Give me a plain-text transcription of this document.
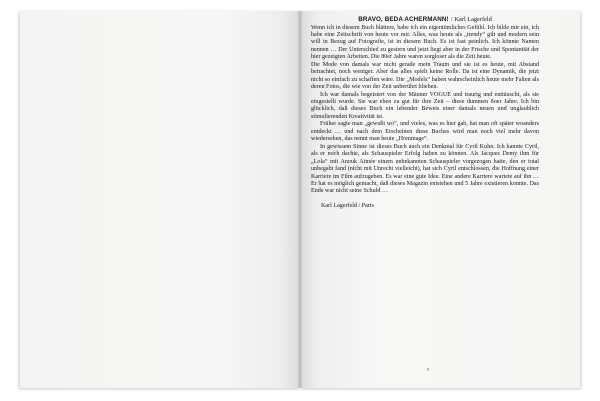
BRAVO, BEDA ACHERMANN! / Karl Lagerfeld

Wenn ich in diesem Buch blättere, habe ich ein eigentümliches Gefühl. Ich bilde mir ein, ich habe eine Zeitschrift von heute vor mir. Alles, was heute als „trendy“ gilt und modern sein will in Bezug auf Fotografie, ist in diesem Buch. Es ist fast peinlich. Ich könnte Namen nennen … Der Unterschied zu gestern und jetzt liegt aber in der Frische und Spontanität der hier gezeigten Arbeiten. Die 80er Jahre waren sorgloser als die Zeit heute.

Die Mode von damals war nicht gerade mein Traum und sie ist es heute, mit Abstand betrachtet, noch weniger. Aber das alles spielt keine Rolle. Da ist eine Dynamik, die jetzt nicht so einfach zu schaffen wäre. Die „Models“ haben wahrscheinlich heute mehr Falten als deren Fotos, die wie von der Zeit unberührt blieben.

Ich war damals begeistert von der Männer VOGUE und traurig und enttäuscht, als sie eingestellt wurde. Sie war eben zu gut für ihre Zeit – diese dummen 8oer Jahre. Ich bin glücklich, daß dieses Buch ein lebender Beweis einer damals neuen und unglaublich stimulierenden Kreativität ist.

Früher sagte man „gewußt wo“, und vieles, was es hier gab, hat man oft später woanders entdeckt … und nach dem Erscheinen diese Buches wird man noch viel mehr davon wiedersehen, das nennt man heute „Hommage“.

In gewissem Sinne ist dieses Buch auch ein Denkmal für Cyril Kuhn. Ich kannte Cyril, als er noch dachte, als Schauspieler Erfolg haben zu können. Als Jacques Demy ihm für „Lola“ mit Anouk Aimée einem unbekannten Schauspieler vorgezogen hatte, den er total unbegabt fand (nicht mit Unrecht vielleicht), hat sich Cyril entschlossen, die Hoffnung einer Karriere im Film aufzugeben. Es war eine gute Idee. Eine andere Karriere wartete auf ihn … Er hat es möglich gemacht, daß dieses Magazin entstehen und 5 Jahre existieren konnte. Das Ende war nicht seine Schuld …

Karl Lagerfeld / Paris
9
